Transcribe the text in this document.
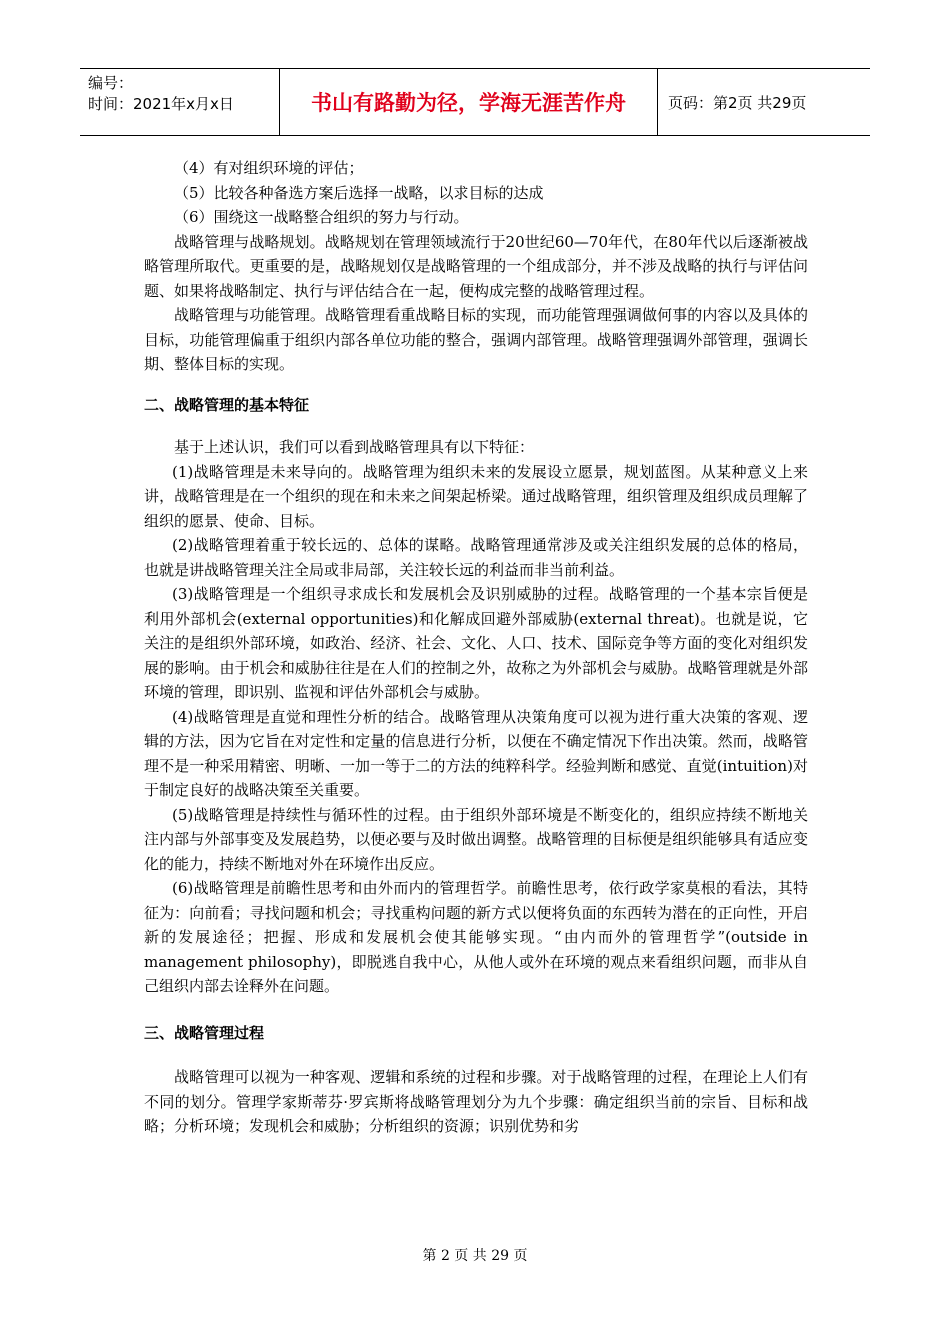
编号：
时间：2021年x月x日	书山有路勤为径，学海无涯苦作舟	页码：第2页 共29页

（4）有对组织环境的评估；

（5）比较各种备选方案后选择一战略，以求目标的达成

（6）围绕这一战略整合组织的努力与行动。

战略管理与战略规划。战略规划在管理领域流行于20世纪60—70年代，在80年代以后逐渐被战略管理所取代。更重要的是，战略规划仅是战略管理的一个组成部分，并不涉及战略的执行与评估问题、如果将战略制定、执行与评估结合在一起，便构成完整的战略管理过程。

战略管理与功能管理。战略管理看重战略目标的实现，而功能管理强调做何事的内容以及具体的目标，功能管理偏重于组织内部各单位功能的整合，强调内部管理。战略管理强调外部管理，强调长期、整体目标的实现。

二、战略管理的基本特征

基于上述认识，我们可以看到战略管理具有以下特征：

(1)战略管理是未来导向的。战略管理为组织未来的发展设立愿景，规划蓝图。从某种意义上来讲，战略管理是在一个组织的现在和未来之间架起桥梁。通过战略管理，组织管理及组织成员理解了组织的愿景、使命、目标。

(2)战略管理着重于较长远的、总体的谋略。战略管理通常涉及或关注组织发展的总体的格局，也就是讲战略管理关注全局或非局部，关注较长远的利益而非当前利益。

(3)战略管理是一个组织寻求成长和发展机会及识别威胁的过程。战略管理的一个基本宗旨便是利用外部机会(external opportunities)和化解成回避外部威胁(external threat)。也就是说，它关注的是组织外部环境，如政治、经济、社会、文化、人口、技术、国际竞争等方面的变化对组织发展的影响。由于机会和威胁往往是在人们的控制之外，故称之为外部机会与威胁。战略管理就是外部环境的管理，即识别、监视和评估外部机会与威胁。

(4)战略管理是直觉和理性分析的结合。战略管理从决策角度可以视为进行重大决策的客观、逻辑的方法，因为它旨在对定性和定量的信息进行分析，以便在不确定情况下作出决策。然而，战略管理不是一种采用精密、明晰、一加一等于二的方法的纯粹科学。经验判断和感觉、直觉(intuition)对于制定良好的战略决策至关重要。

(5)战略管理是持续性与循环性的过程。由于组织外部环境是不断变化的，组织应持续不断地关注内部与外部事变及发展趋势，以便必要与及时做出调整。战略管理的目标便是组织能够具有适应变化的能力，持续不断地对外在环境作出反应。

(6)战略管理是前瞻性思考和由外而内的管理哲学。前瞻性思考，依行政学家莫根的看法，其特征为：向前看；寻找问题和机会；寻找重构问题的新方式以便将负面的东西转为潜在的正向性，开启新的发展途径；把握、形成和发展机会使其能够实现。“由内而外的管理哲学”(outside in management philosophy)，即脱逃自我中心，从他人或外在环境的观点来看组织问题，而非从自己组织内部去诠释外在问题。

三、战略管理过程

战略管理可以视为一种客观、逻辑和系统的过程和步骤。对于战略管理的过程，在理论上人们有不同的划分。管理学家斯蒂芬·罗宾斯将战略管理划分为九个步骤：确定组织当前的宗旨、目标和战略；分析环境；发现机会和威胁；分析组织的资源；识别优势和劣

第 2 页 共 29 页
